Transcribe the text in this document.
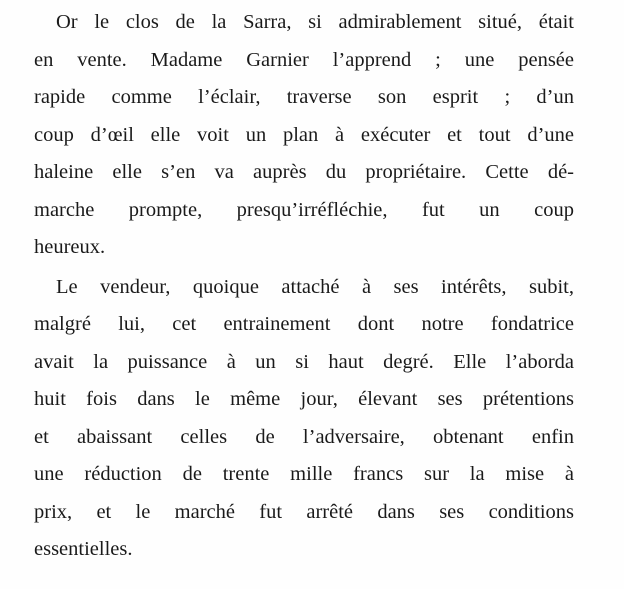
Or le clos de la Sarra, si admirablement situé, était
en vente. Madame Garnier l’apprend ; une pensée
rapide comme l’éclair, traverse son esprit ; d’un
coup d’œil elle voit un plan à exécuter et tout d’une
haleine elle s’en va auprès du propriétaire. Cette dé-
marche prompte, presqu’irréfléchie, fut un coup
heureux.
Le vendeur, quoique attaché à ses intérêts, subit,
malgré lui, cet entrainement dont notre fondatrice
avait la puissance à un si haut degré. Elle l’aborda
huit fois dans le même jour, élevant ses prétentions
et abaissant celles de l’adversaire, obtenant enfin
une réduction de trente mille francs sur la mise à
prix, et le marché fut arrêté dans ses conditions
essentielles.
